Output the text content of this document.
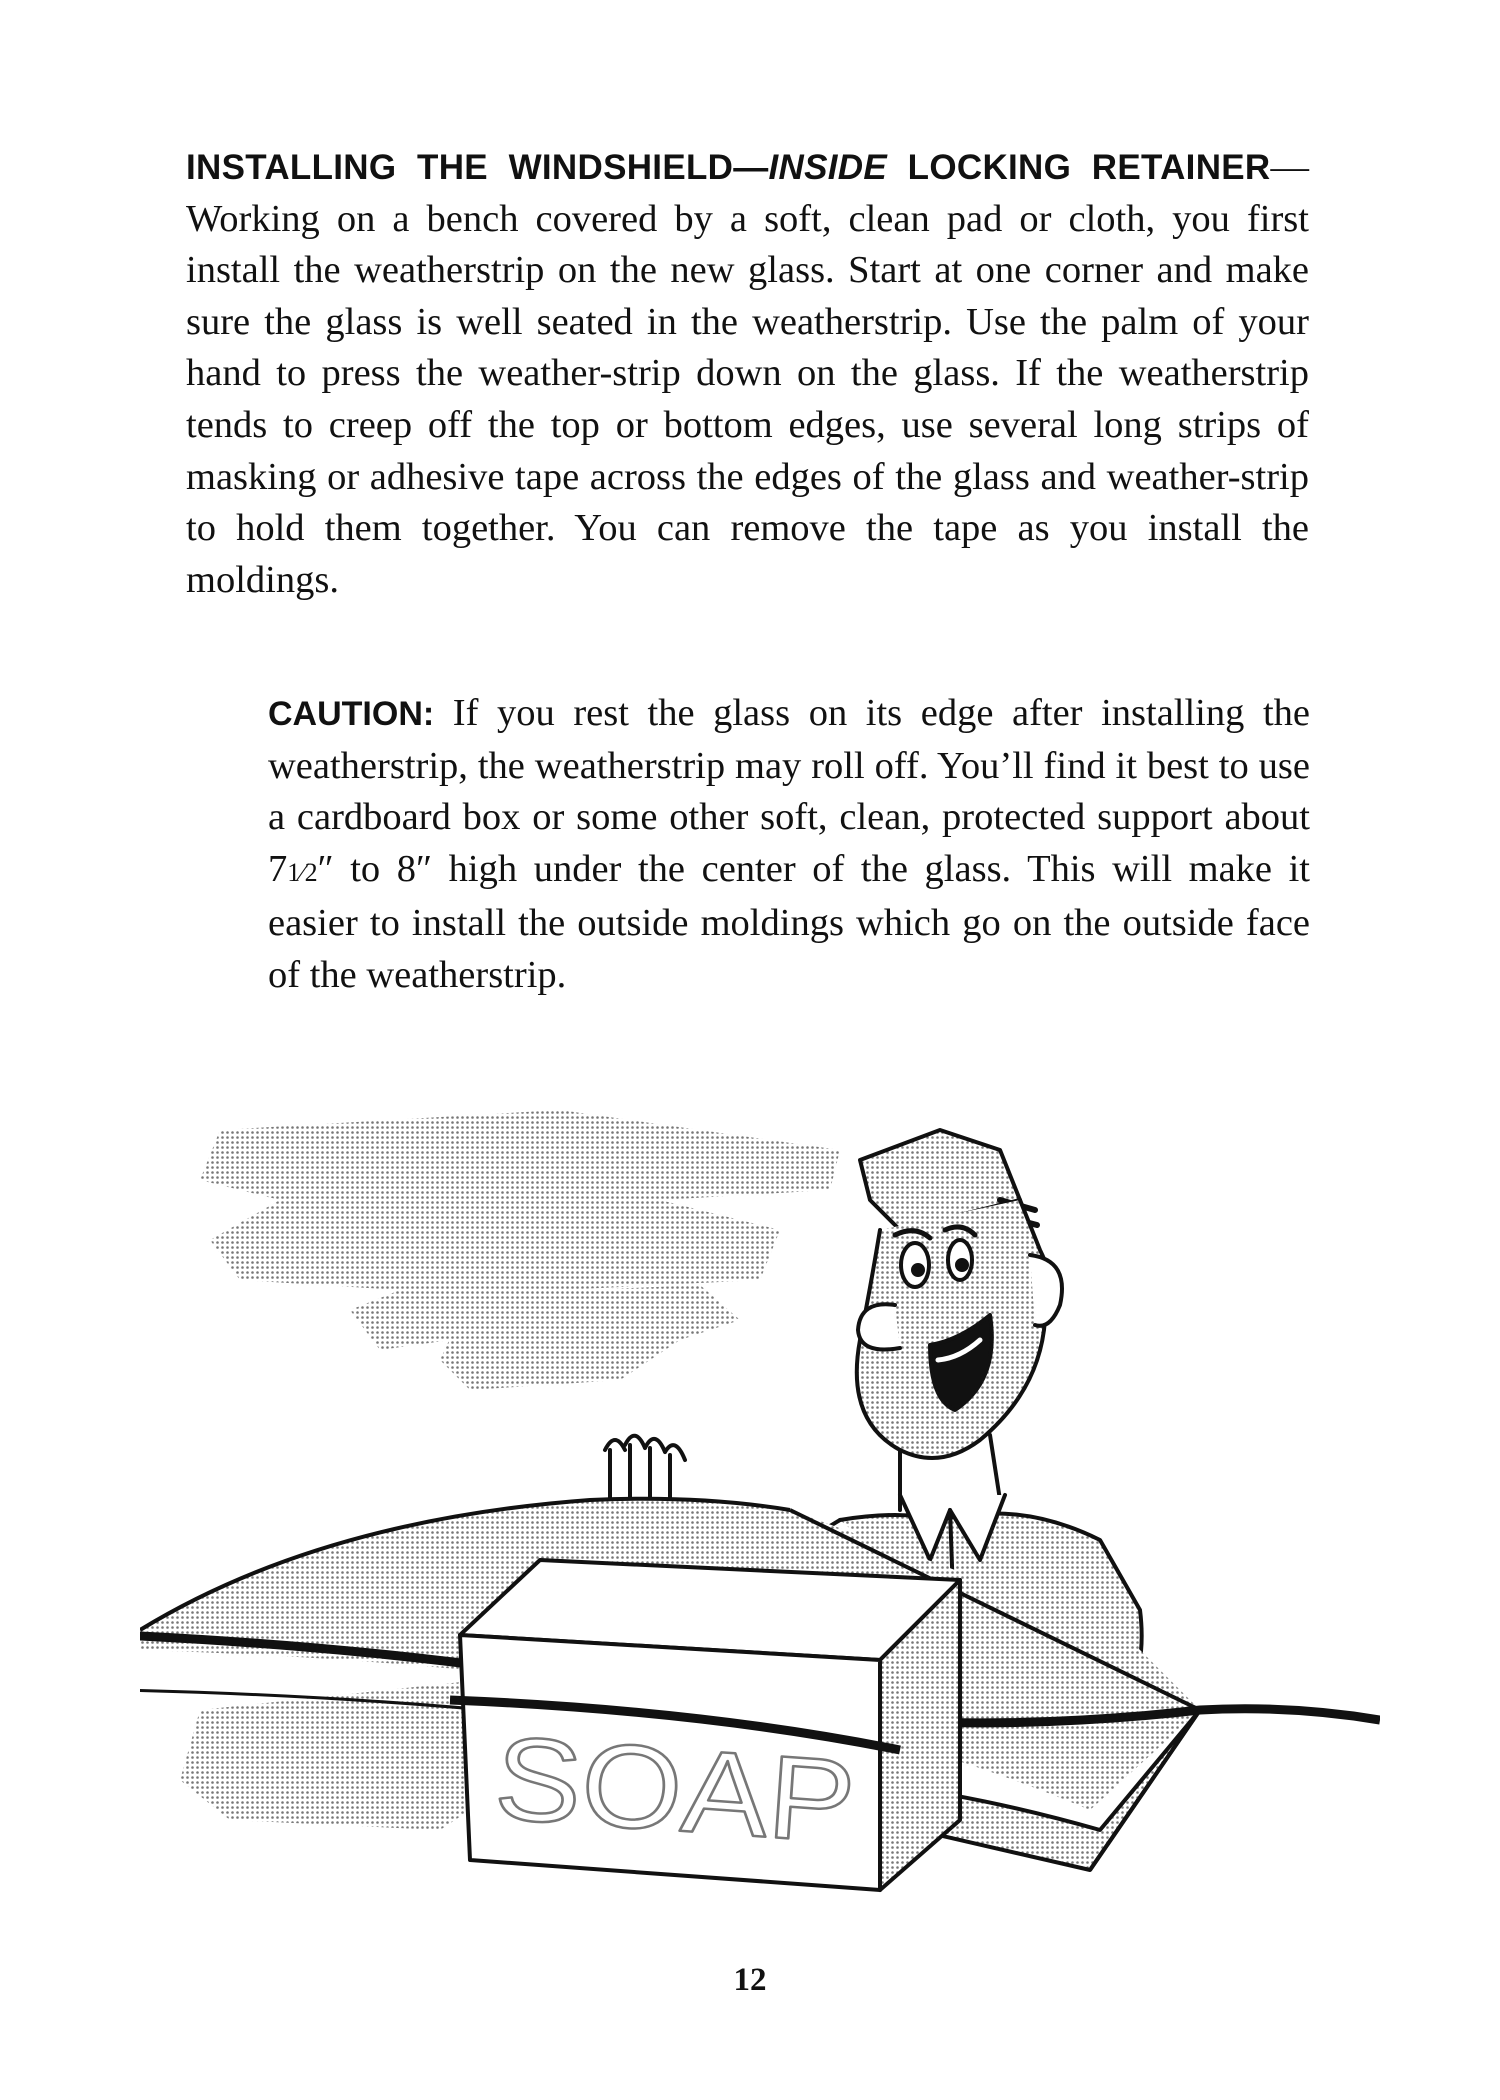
INSTALLING THE WINDSHIELD—INSIDE LOCKING RETAINER—Working on a bench covered by a soft, clean pad or cloth, you first install the weatherstrip on the new glass. Start at one corner and make sure the glass is well seated in the weatherstrip. Use the palm of your hand to press the weather-strip down on the glass. If the weatherstrip tends to creep off the top or bottom edges, use several long strips of masking or adhesive tape across the edges of the glass and weather-strip to hold them together. You can remove the tape as you install the moldings.

CAUTION: If you rest the glass on its edge after installing the weatherstrip, the weatherstrip may roll off. You’ll find it best to use a cardboard box or some other soft, clean, protected support about 71⁄2″ to 8″ high under the center of the glass. This will make it easier to install the outside moldings which go on the outside face of the weatherstrip.

SOAP
12
